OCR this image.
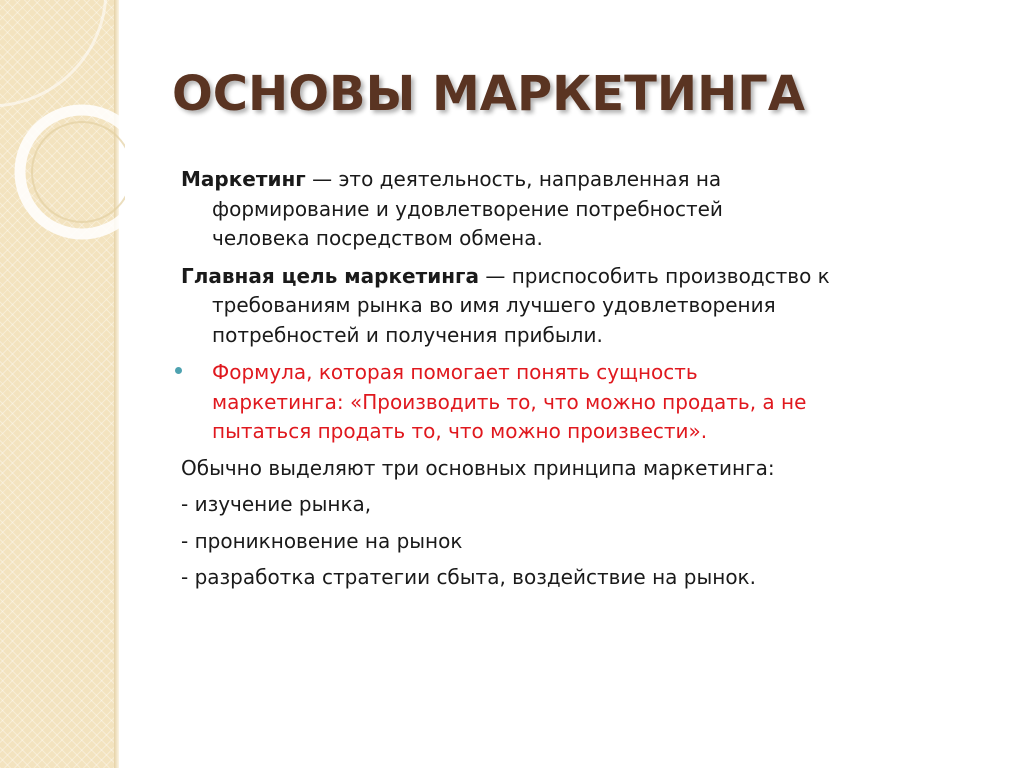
ОСНОВЫ МАРКЕТИНГА
Маркетинг — это деятельность, направленная на
формирование и удовлетворение потребностей
человека посредством обмена.
Главная цель маркетинга — приспособить производство к
требованиям рынка во имя лучшего удовлетворения
потребностей и получения прибыли.
Формула, которая помогает понять сущность
маркетинга: «Производить то, что можно продать, а не
пытаться продать то, что можно произвести».

Обычно выделяют три основных принципа маркетинга:

- изучение рынка,

- проникновение на рынок

- разработка стратегии сбыта, воздействие на рынок.
